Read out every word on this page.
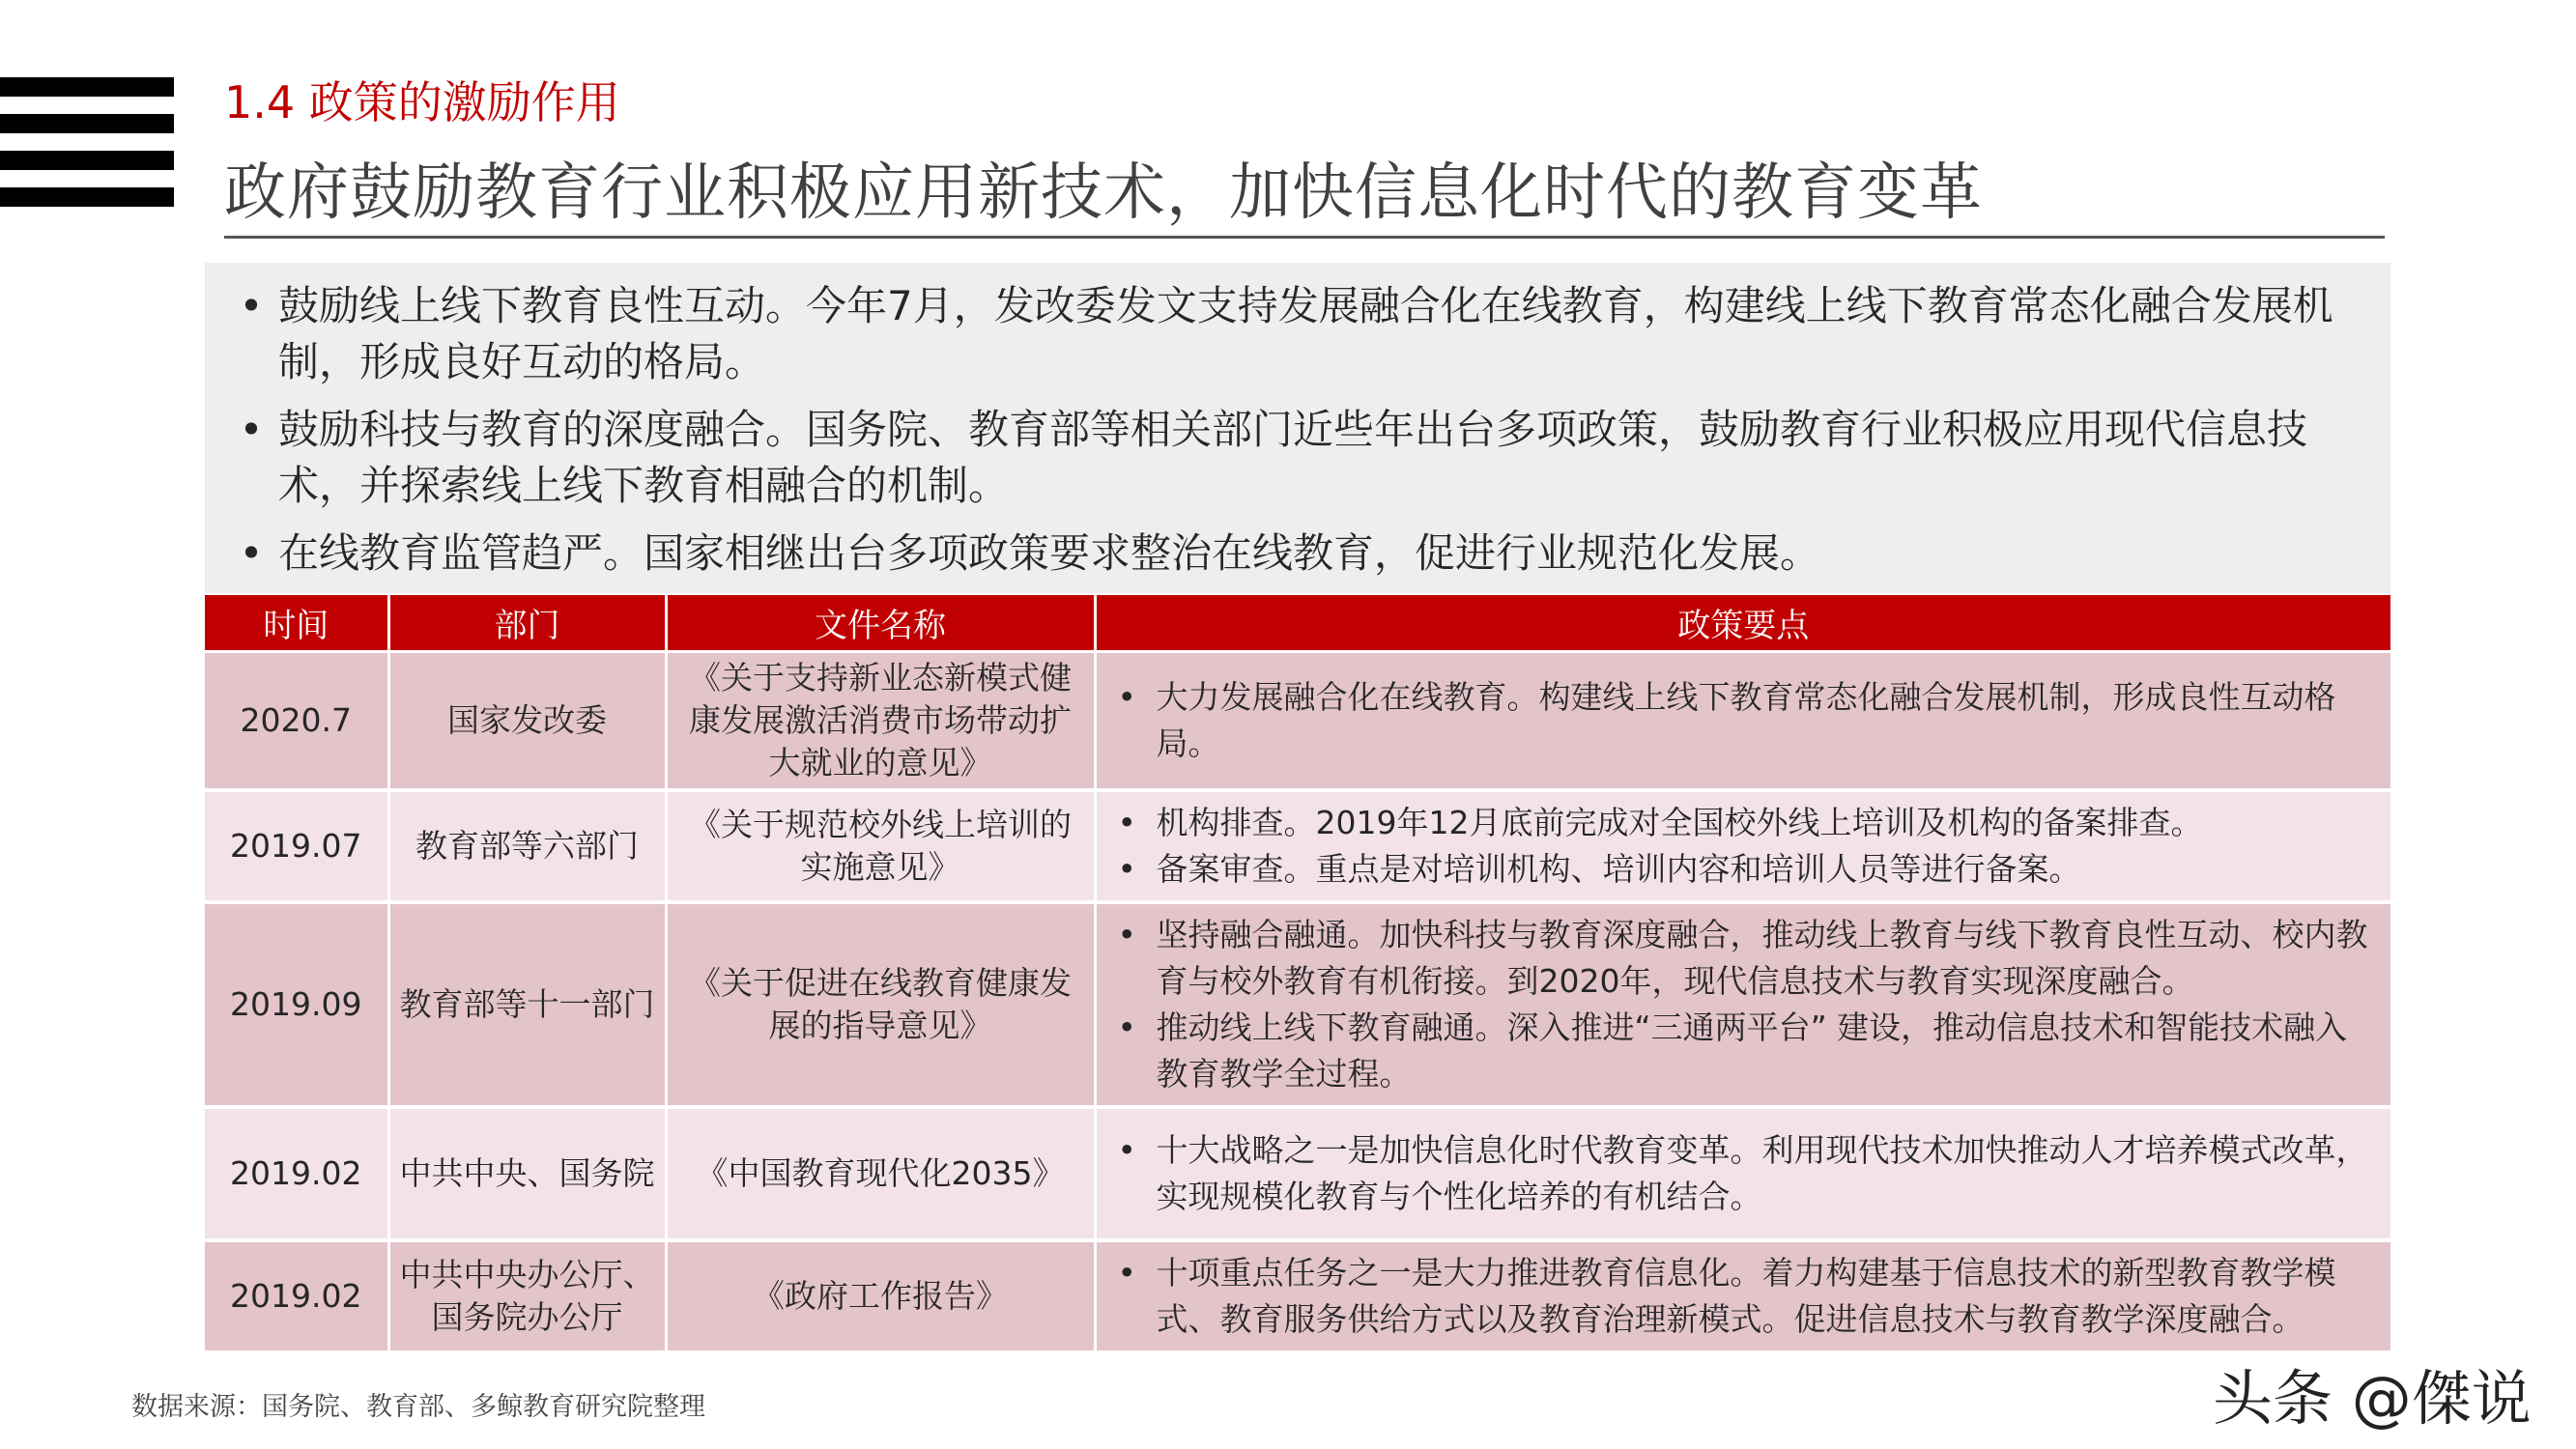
1.4 政策的激励作用
政府鼓励教育行业积极应用新技术，加快信息化时代的教育变革
• 鼓励线上线下教育良性互动。今年7月，发改委发文支持发展融合化在线教育，构建线上线下教育常态化融合发展机制，形成良好互动的格局。
• 鼓励科技与教育的深度融合。国务院、教育部等相关部门近些年出台多项政策，鼓励教育行业积极应用现代信息技术，并探索线上线下教育相融合的机制。
• 在线教育监管趋严。国家相继出台多项政策要求整治在线教育，促进行业规范化发展。
时间	部门	文件名称	政策要点
2020.7	国家发改委	《关于支持新业态新模式健康发展激活消费市场带动扩大就业的意见》	• 大力发展融合化在线教育。构建线上线下教育常态化融合发展机制，形成良性互动格局。

2019.07	教育部等六部门	《关于规范校外线上培训的实施意见》	• 机构排查。2019年12月底前完成对全国校外线上培训及机构的备案排查。
• 备案审查。重点是对培训机构、培训内容和培训人员等进行备案。

2019.09	教育部等十一部门	《关于促进在线教育健康发展的指导意见》	• 坚持融合融通。加快科技与教育深度融合，推动线上教育与线下教育良性互动、校内教育与校外教育有机衔接。到2020年，现代信息技术与教育实现深度融合。
• 推动线上线下教育融通。深入推进“三通两平台” 建设，推动信息技术和智能技术融入教育教学全过程。

2019.02	中共中央、国务院	《中国教育现代化2035》	• 十大战略之一是加快信息化时代教育变革。利用现代技术加快推动人才培养模式改革，实现规模化教育与个性化培养的有机结合。

2019.02	中共中央办公厅、国务院办公厅	《政府工作报告》	• 十项重点任务之一是大力推进教育信息化。着力构建基于信息技术的新型教育教学模式、教育服务供给方式以及教育治理新模式。促进信息技术与教育教学深度融合。
数据来源：国务院、教育部、多鲸教育研究院整理	头条 @傑说
